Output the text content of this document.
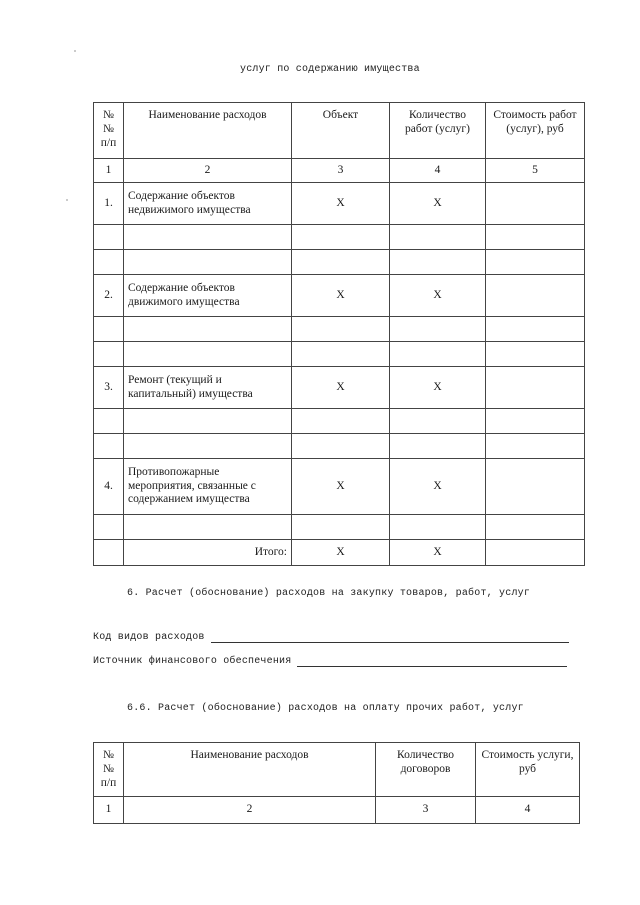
услуг по содержанию имущества
№
№
п/п	Наименование расходов	Объект	Количество работ (услуг)	Стоимость работ (услуг), руб
1	2	3	4	5
1.	Содержание объектов недвижимого имущества	X	X	

2.	Содержание объектов движимого имущества	X	X	

3.	Ремонт (текущий и капитальный) имущества	X	X	

4.	Противопожарные мероприятия, связанные с содержанием имущества	X	X	

	Итого:	X	X	
6. Расчет (обоснование) расходов на закупку товаров, работ, услуг
Код видов расходов
Источник финансового обеспечения
6.6. Расчет (обоснование) расходов на оплату прочих работ, услуг
№
№
п/п	Наименование расходов	Количество договоров	Стоимость услуги, руб
1	2	3	4
